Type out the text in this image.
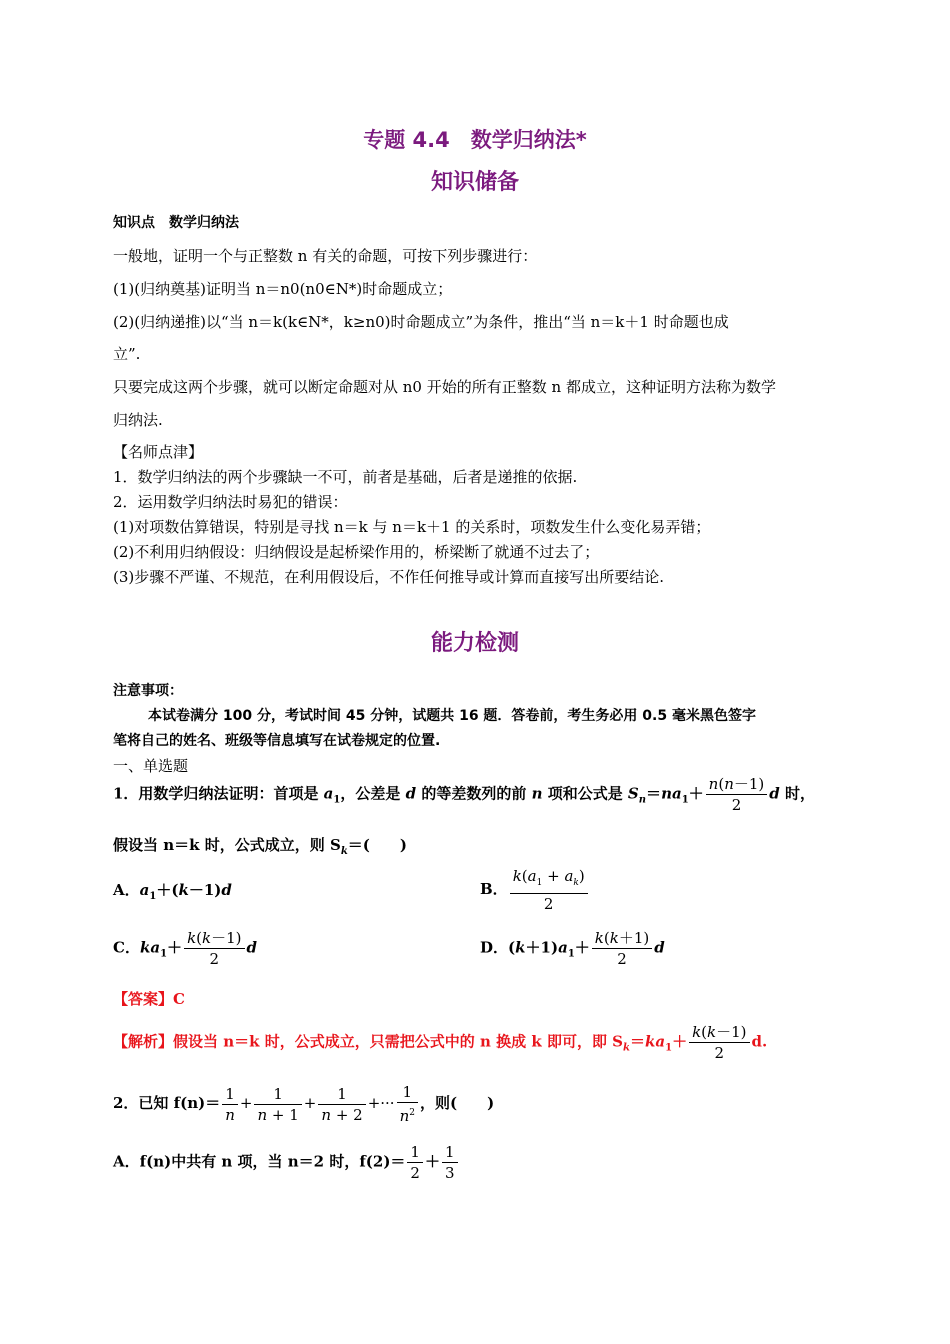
专题 4.4　数学归纳法*
知识储备
知识点　数学归纳法
一般地，证明一个与正整数 n 有关的命题，可按下列步骤进行：
(1)(归纳奠基)证明当 n＝n0(n0∈N*)时命题成立；
(2)(归纳递推)以“当 n＝k(k∈N*，k≥n0)时命题成立”为条件，推出“当 n＝k＋1 时命题也成
立”.
只要完成这两个步骤，就可以断定命题对从 n0 开始的所有正整数 n 都成立，这种证明方法称为数学
归纳法.
【名师点津】
1．数学归纳法的两个步骤缺一不可，前者是基础，后者是递推的依据.
2．运用数学归纳法时易犯的错误：
(1)对项数估算错误，特别是寻找 n＝k 与 n＝k＋1 的关系时，项数发生什么变化易弄错；
(2)不利用归纳假设：归纳假设是起桥梁作用的，桥梁断了就通不过去了；
(3)步骤不严谨、不规范，在利用假设后，不作任何推导或计算而直接写出所要结论.
能力检测
注意事项：
本试卷满分 100 分，考试时间 45 分钟，试题共 16 题．答卷前，考生务必用 0.5 毫米黑色签字
笔将自己的姓名、班级等信息填写在试卷规定的位置.
一、单选题
1．用数学归纳法证明：首项是 $a_1$，公差是 d 的等差数列的前 n 项和公式是 $S_n=na_1+ \frac{n(n-1)}{2}$ d 时，
假设当 n＝k 时，公式成立，则 $S_k=$(　　)
A．$a_1+(k-1)d$	B． $\frac{k(a_1 + a_k)}{2}$
C．$ka_1+ \frac{k(k-1)}{2}$ d	D．$(k+1)a_1+ \frac{k(k+1)}{2}$ d
【答案】C
【解析】假设当 n＝k 时，公式成立，只需把公式中的 n 换成 k 即可，即 $S_k=ka_1+ \frac{k(k-1)}{2} d$.
2．已知 $f(n)= \frac{1}{n} + \frac{1}{n + 1} + \frac{1}{n + 2}$ +··· $\frac{1}{n^2}$ ，则(　　)
A．f(n)中共有 n 项，当 n＝2 时，$f(2)= \frac{1}{2} + \frac{1}{3}$
